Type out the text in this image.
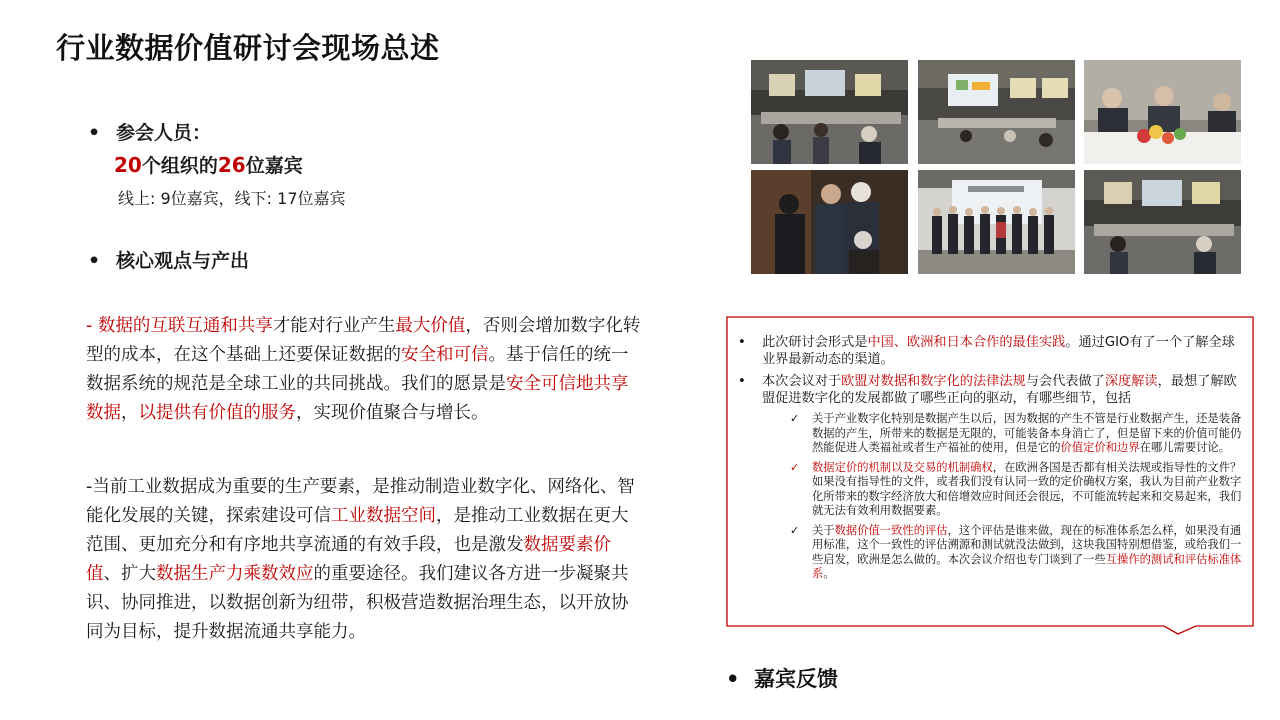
行业数据价值研讨会现场总述
• 参会人员：
20个组织的26位嘉宾
线上: 9位嘉宾，线下: 17位嘉宾
• 核心观点与产出
- 数据的互联互通和共享才能对行业产生最大价值，否则会增加数字化转型的成本，在这个基础上还要保证数据的安全和可信。基于信任的统一数据系统的规范是全球工业的共同挑战。我们的愿景是安全可信地共享数据，以提供有价值的服务，实现价值聚合与增长。
-当前工业数据成为重要的生产要素，是推动制造业数字化、网络化、智能化发展的关键，探索建设可信工业数据空间，是推动工业数据在更大范围、更加充分和有序地共享流通的有效手段，也是激发数据要素价值、扩大数据生产力乘数效应的重要途径。我们建议各方进一步凝聚共识、协同推进，以数据创新为纽带，积极营造数据治理生态，以开放协同为目标，提升数据流通共享能力。
• 此次研讨会形式是中国、欧洲和日本合作的最佳实践。通过GIO有了一个了解全球业界最新动态的渠道。
• 本次会议对于欧盟对数据和数字化的法律法规与会代表做了深度解读，最想了解欧盟促进数字化的发展都做了哪些正向的驱动，有哪些细节，包括
✓ 关于产业数字化特别是数据产生以后，因为数据的产生不管是行业数据产生，还是装备数据的产生，所带来的数据是无限的，可能装备本身消亡了，但是留下来的价值可能仍然能促进人类福祉或者生产福祉的使用，但是它的价值定价和边界在哪儿需要讨论。
✓ 数据定价的机制以及交易的机制确权，在欧洲各国是否都有相关法规或指导性的文件？如果没有指导性的文件，或者我们没有认同一致的定价确权方案，我认为目前产业数字化所带来的数字经济放大和倍增效应时间还会很远，不可能流转起来和交易起来，我们就无法有效利用数据要素。
✓ 关于数据价值一致性的评估，这个评估是谁来做，现在的标准体系怎么样，如果没有通用标准，这个一致性的评估溯源和测试就没法做到，这块我国特别想借鉴，或给我们一些启发，欧洲是怎么做的。本次会议介绍也专门谈到了一些互操作的测试和评估标准体系。
• 嘉宾反馈
